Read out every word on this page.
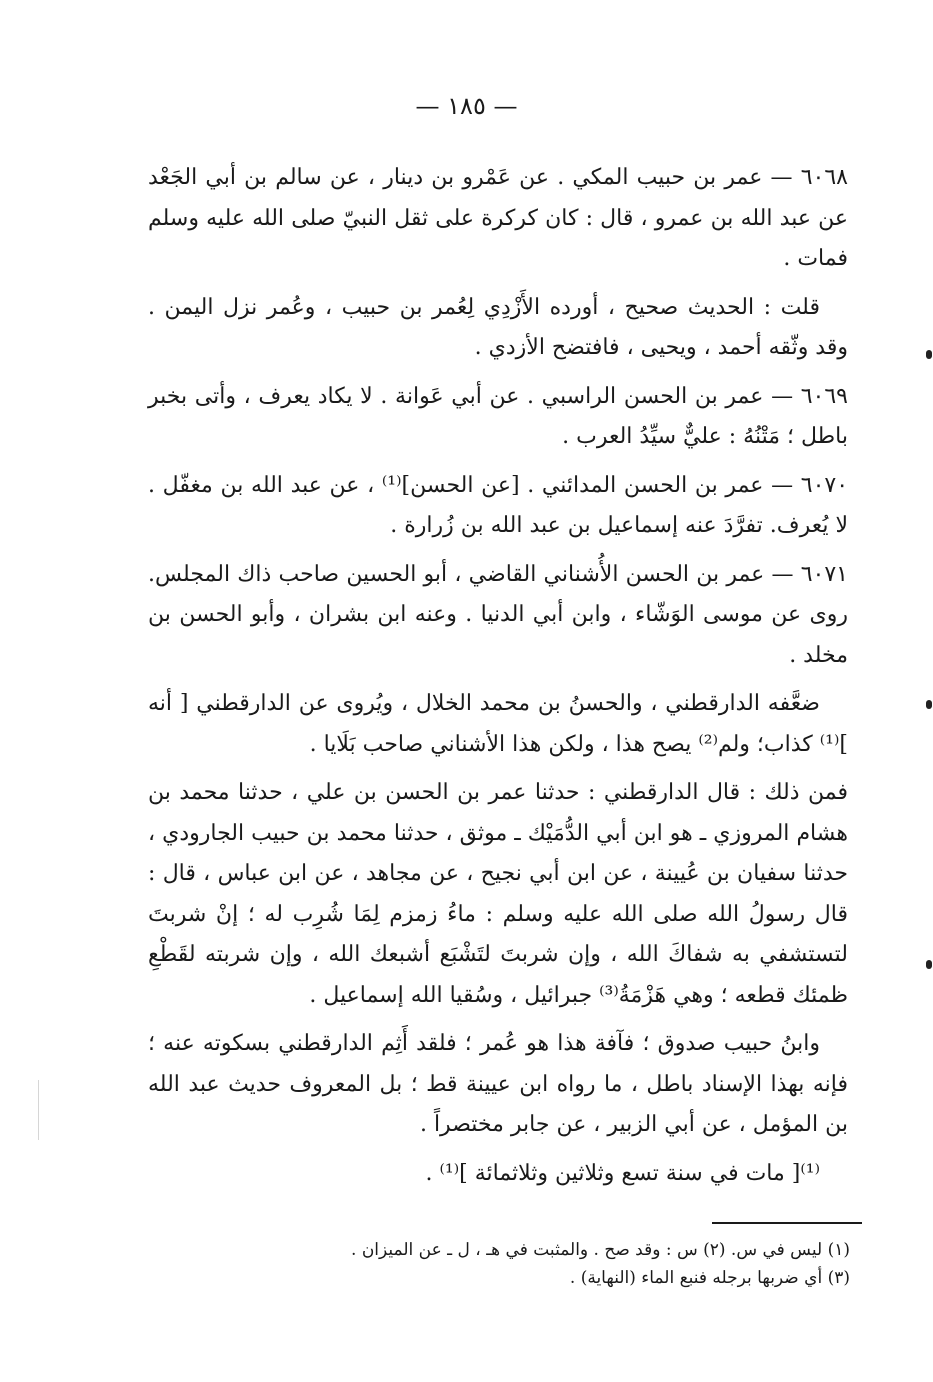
— ١٨٥ —

٦٠٦٨ — عمر بن حبيب المكي . عن عَمْرو بن دينار ، عن سالم بن أبي الجَعْد عن عبد الله بن عمرو ، قال : كان كركرة على ثقل النبيّ صلى الله عليه وسلم فمات .

قلت : الحديث صحيح ، أورده الأَزْدِي لِعُمر بن حبيب ، وعُمر نزل اليمن . وقد وثّقه أحمد ، ويحيى ، فافتضح الأزدي .

٦٠٦٩ — عمر بن الحسن الراسبي . عن أبي عَوانة . لا يكاد يعرف ، وأتى بخبر باطل ؛ مَتْنُهُ : عليٌّ سيِّدُ العرب .

٦٠٧٠ — عمر بن الحسن المدائني . [عن الحسن]⁽¹⁾ ، عن عبد الله بن مغفّل . لا يُعرف. تفرَّدَ عنه إسماعيل بن عبد الله بن زُرارة .

٦٠٧١ — عمر بن الحسن الأُشناني القاضي ، أبو الحسين صاحب ذاك المجلس. روى عن موسى الوَشّاء ، وابن أبي الدنيا . وعنه ابن بشران ، وأبو الحسن بن مخلد .

ضعَّفه الدارقطني ، والحسنُ بن محمد الخلال ، ويُروى عن الدارقطني [ أنه ]⁽¹⁾ كذاب؛ ولم⁽²⁾ يصح هذا ، ولكن هذا الأشناني صاحب بَلَايا .

فمن ذلك : قال الدارقطني : حدثنا عمر بن الحسن بن علي ، حدثنا محمد بن هشام المروزي ـ هو ابن أبي الدُّمَيْك ـ موثق ، حدثنا محمد بن حبيب الجارودي ، حدثنا سفيان بن عُيينة ، عن ابن أبي نجيح ، عن مجاهد ، عن ابن عباس ، قال : قال رسولُ الله صلى الله عليه وسلم : ماءُ زمزم لِمَا شُرِب له ؛ إنْ شربتَ لتستشفي به شفاكَ الله ، وإن شربتَ لتَشْبَع أشبعك الله ، وإن شربته لقَطْعِ ظمئك قطعه ؛ وهي هَزْمَةُ⁽³⁾ جبرائيل ، وسُقيا الله إسماعيل .

وابنُ حبيب صدوق ؛ فآفة هذا هو عُمر ؛ فلقد أَثِم الدارقطني بسكوته عنه ؛ فإنه بهذا الإسناد باطل ، ما رواه ابن عيينة قط ؛ بل المعروف حديث عبد الله بن المؤمل ، عن أبي الزبير ، عن جابر مختصراً .

⁽¹⁾[ مات في سنة تسع وثلاثين وثلاثمائة ]⁽¹⁾ .

(١) ليس في س. (٢) س : وقد صح . والمثبت في هـ ، ل ـ عن الميزان .
(٣) أي ضربها برجله فنبع الماء (النهاية) .
